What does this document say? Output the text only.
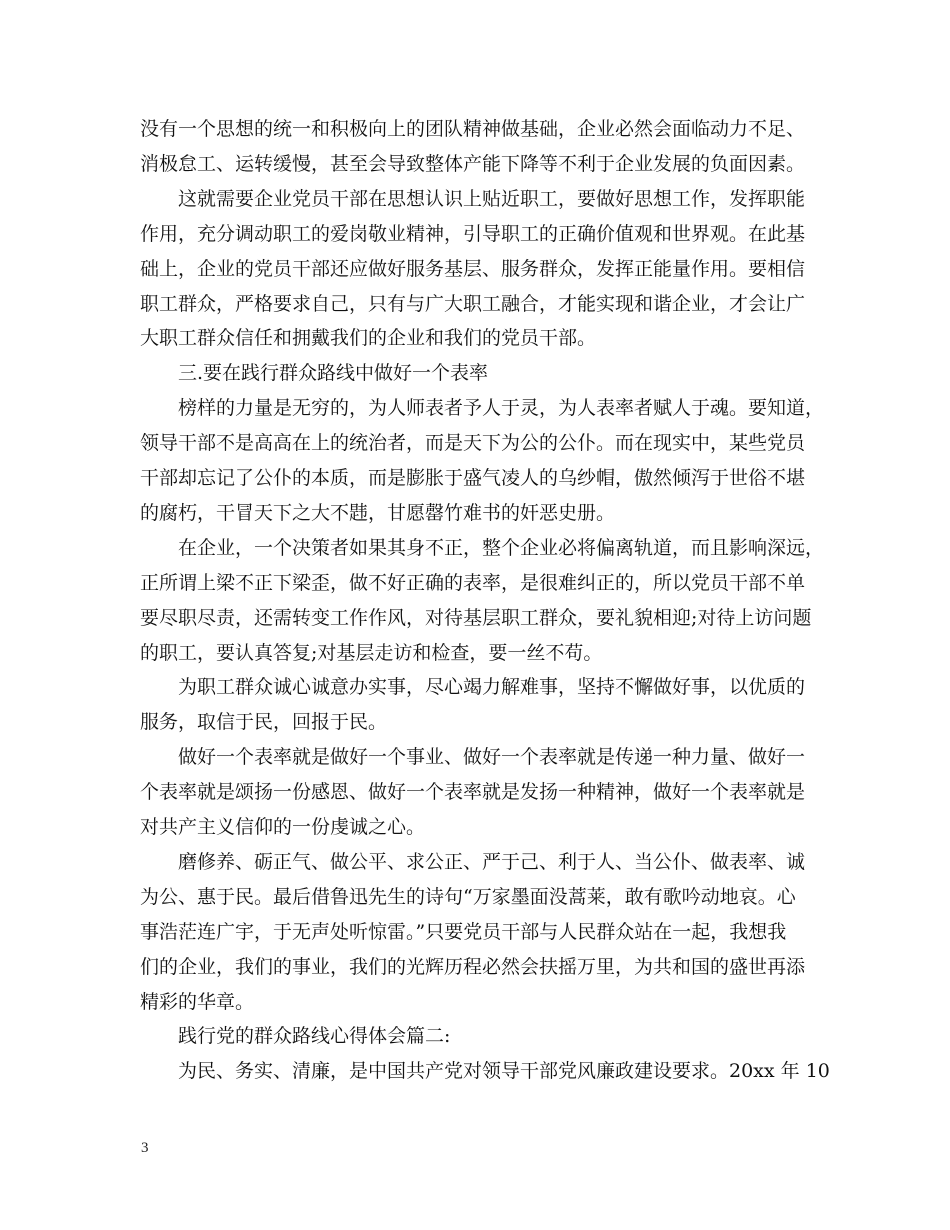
没有一个思想的统一和积极向上的团队精神做基础，企业必然会面临动力不足、
消极怠工、运转缓慢，甚至会导致整体产能下降等不利于企业发展的负面因素。
这就需要企业党员干部在思想认识上贴近职工，要做好思想工作，发挥职能
作用，充分调动职工的爱岗敬业精神，引导职工的正确价值观和世界观。在此基
础上，企业的党员干部还应做好服务基层、服务群众，发挥正能量作用。要相信
职工群众，严格要求自己，只有与广大职工融合，才能实现和谐企业，才会让广
大职工群众信任和拥戴我们的企业和我们的党员干部。
三.要在践行群众路线中做好一个表率
榜样的力量是无穷的，为人师表者予人于灵，为人表率者赋人于魂。要知道，
领导干部不是高高在上的统治者，而是天下为公的公仆。而在现实中，某些党员
干部却忘记了公仆的本质，而是膨胀于盛气凌人的乌纱帽，傲然倾泻于世俗不堪
的腐朽，干冒天下之大不韪，甘愿罄竹难书的奸恶史册。
在企业，一个决策者如果其身不正，整个企业必将偏离轨道，而且影响深远，
正所谓上梁不正下梁歪，做不好正确的表率，是很难纠正的，所以党员干部不单
要尽职尽责，还需转变工作作风，对待基层职工群众，要礼貌相迎;对待上访问题
的职工，要认真答复;对基层走访和检查，要一丝不苟。
为职工群众诚心诚意办实事，尽心竭力解难事，坚持不懈做好事，以优质的
服务，取信于民，回报于民。
做好一个表率就是做好一个事业、做好一个表率就是传递一种力量、做好一
个表率就是颂扬一份感恩、做好一个表率就是发扬一种精神，做好一个表率就是
对共产主义信仰的一份虔诚之心。
磨修养、砺正气、做公平、求公正、严于己、利于人、当公仆、做表率、诚
为公、惠于民。最后借鲁迅先生的诗句“万家墨面没蒿莱，敢有歌吟动地哀。心
事浩茫连广宇，于无声处听惊雷。”只要党员干部与人民群众站在一起，我想我
们的企业，我们的事业，我们的光辉历程必然会扶摇万里，为共和国的盛世再添
精彩的华章。
践行党的群众路线心得体会篇二:
为民、务实、清廉，是中国共产党对领导干部党风廉政建设要求。20xx 年 10
3
